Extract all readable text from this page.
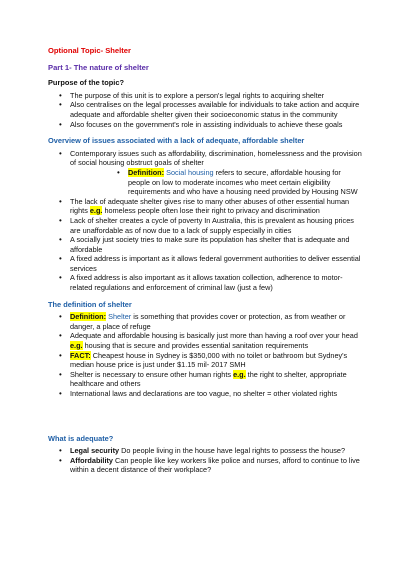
Optional Topic- Shelter
Part 1- The nature of shelter
Purpose of the topic?
• The purpose of this unit is to explore a person's legal rights to acquiring shelter
• Also centralises on the legal processes available for individuals to take action and acquire adequate and affordable shelter given their socioeconomic status in the community
• Also focuses on the government's role in assisting individuals to achieve these goals
Overview of issues associated with a lack of adequate, affordable shelter
• Contemporary issues such as affordability, discrimination, homelessness and the provision of social housing obstruct goals of shelter
• Definition: Social housing refers to secure, affordable housing for people on low to moderate incomes who meet certain eligibility requirements and who have a housing need provided by Housing NSW
• The lack of adequate shelter gives rise to many other abuses of other essential human rights e.g. homeless people often lose their right to privacy and discrimination
• Lack of shelter creates a cycle of poverty In Australia, this is prevalent as housing prices are unaffordable as of now due to a lack of supply especially in cities
• A socially just society tries to make sure its population has shelter that is adequate and affordable
• A fixed address is important as it allows federal government authorities to deliver essential services
• A fixed address is also important as it allows taxation collection, adherence to motor- related regulations and enforcement of criminal law (just a few)
The definition of shelter
• Definition: Shelter is something that provides cover or protection, as from weather or danger, a place of refuge
• Adequate and affordable housing is basically just more than having a roof over your head e.g. housing that is secure and provides essential sanitation requirements
• FACT: Cheapest house in Sydney is $350,000 with no toilet or bathroom but Sydney's median house price is just under $1.15 mil- 2017 SMH
• Shelter is necessary to ensure other human rights e.g. the right to shelter, appropriate healthcare and others
• International laws and declarations are too vague, no shelter = other violated rights
What is adequate?
• Legal security Do people living in the house have legal rights to possess the house?
• Affordability Can people like key workers like police and nurses, afford to continue to live within a decent distance of their workplace?
